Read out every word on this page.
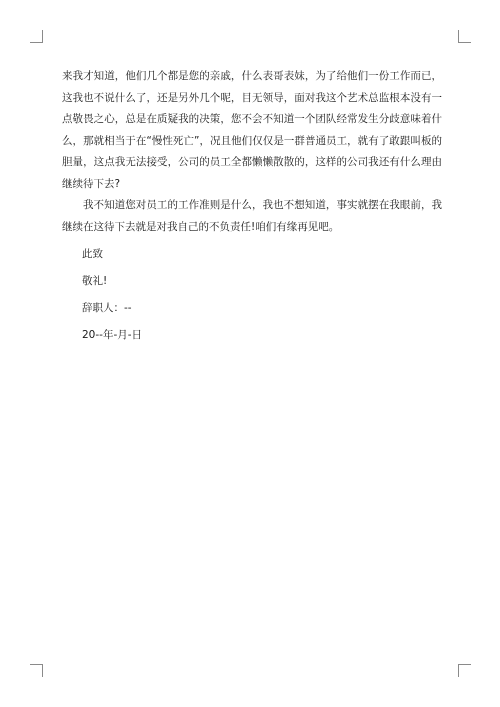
来我才知道，他们几个都是您的亲戚，什么表哥表妹，为了给他们一份工作而已，这我也不说什么了，还是另外几个呢，目无领导，面对我这个艺术总监根本没有一点敬畏之心，总是在质疑我的决策，您不会不知道一个团队经常发生分歧意味着什么，那就相当于在“慢性死亡”，况且他们仅仅是一群普通员工，就有了敢跟叫板的胆量，这点我无法接受，公司的员工全都懒懒散散的，这样的公司我还有什么理由继续待下去?

我不知道您对员工的工作准则是什么，我也不想知道，事实就摆在我眼前，我继续在这待下去就是对我自己的不负责任!咱们有缘再见吧。

此致

敬礼!

辞职人：--

20--年-月-日
